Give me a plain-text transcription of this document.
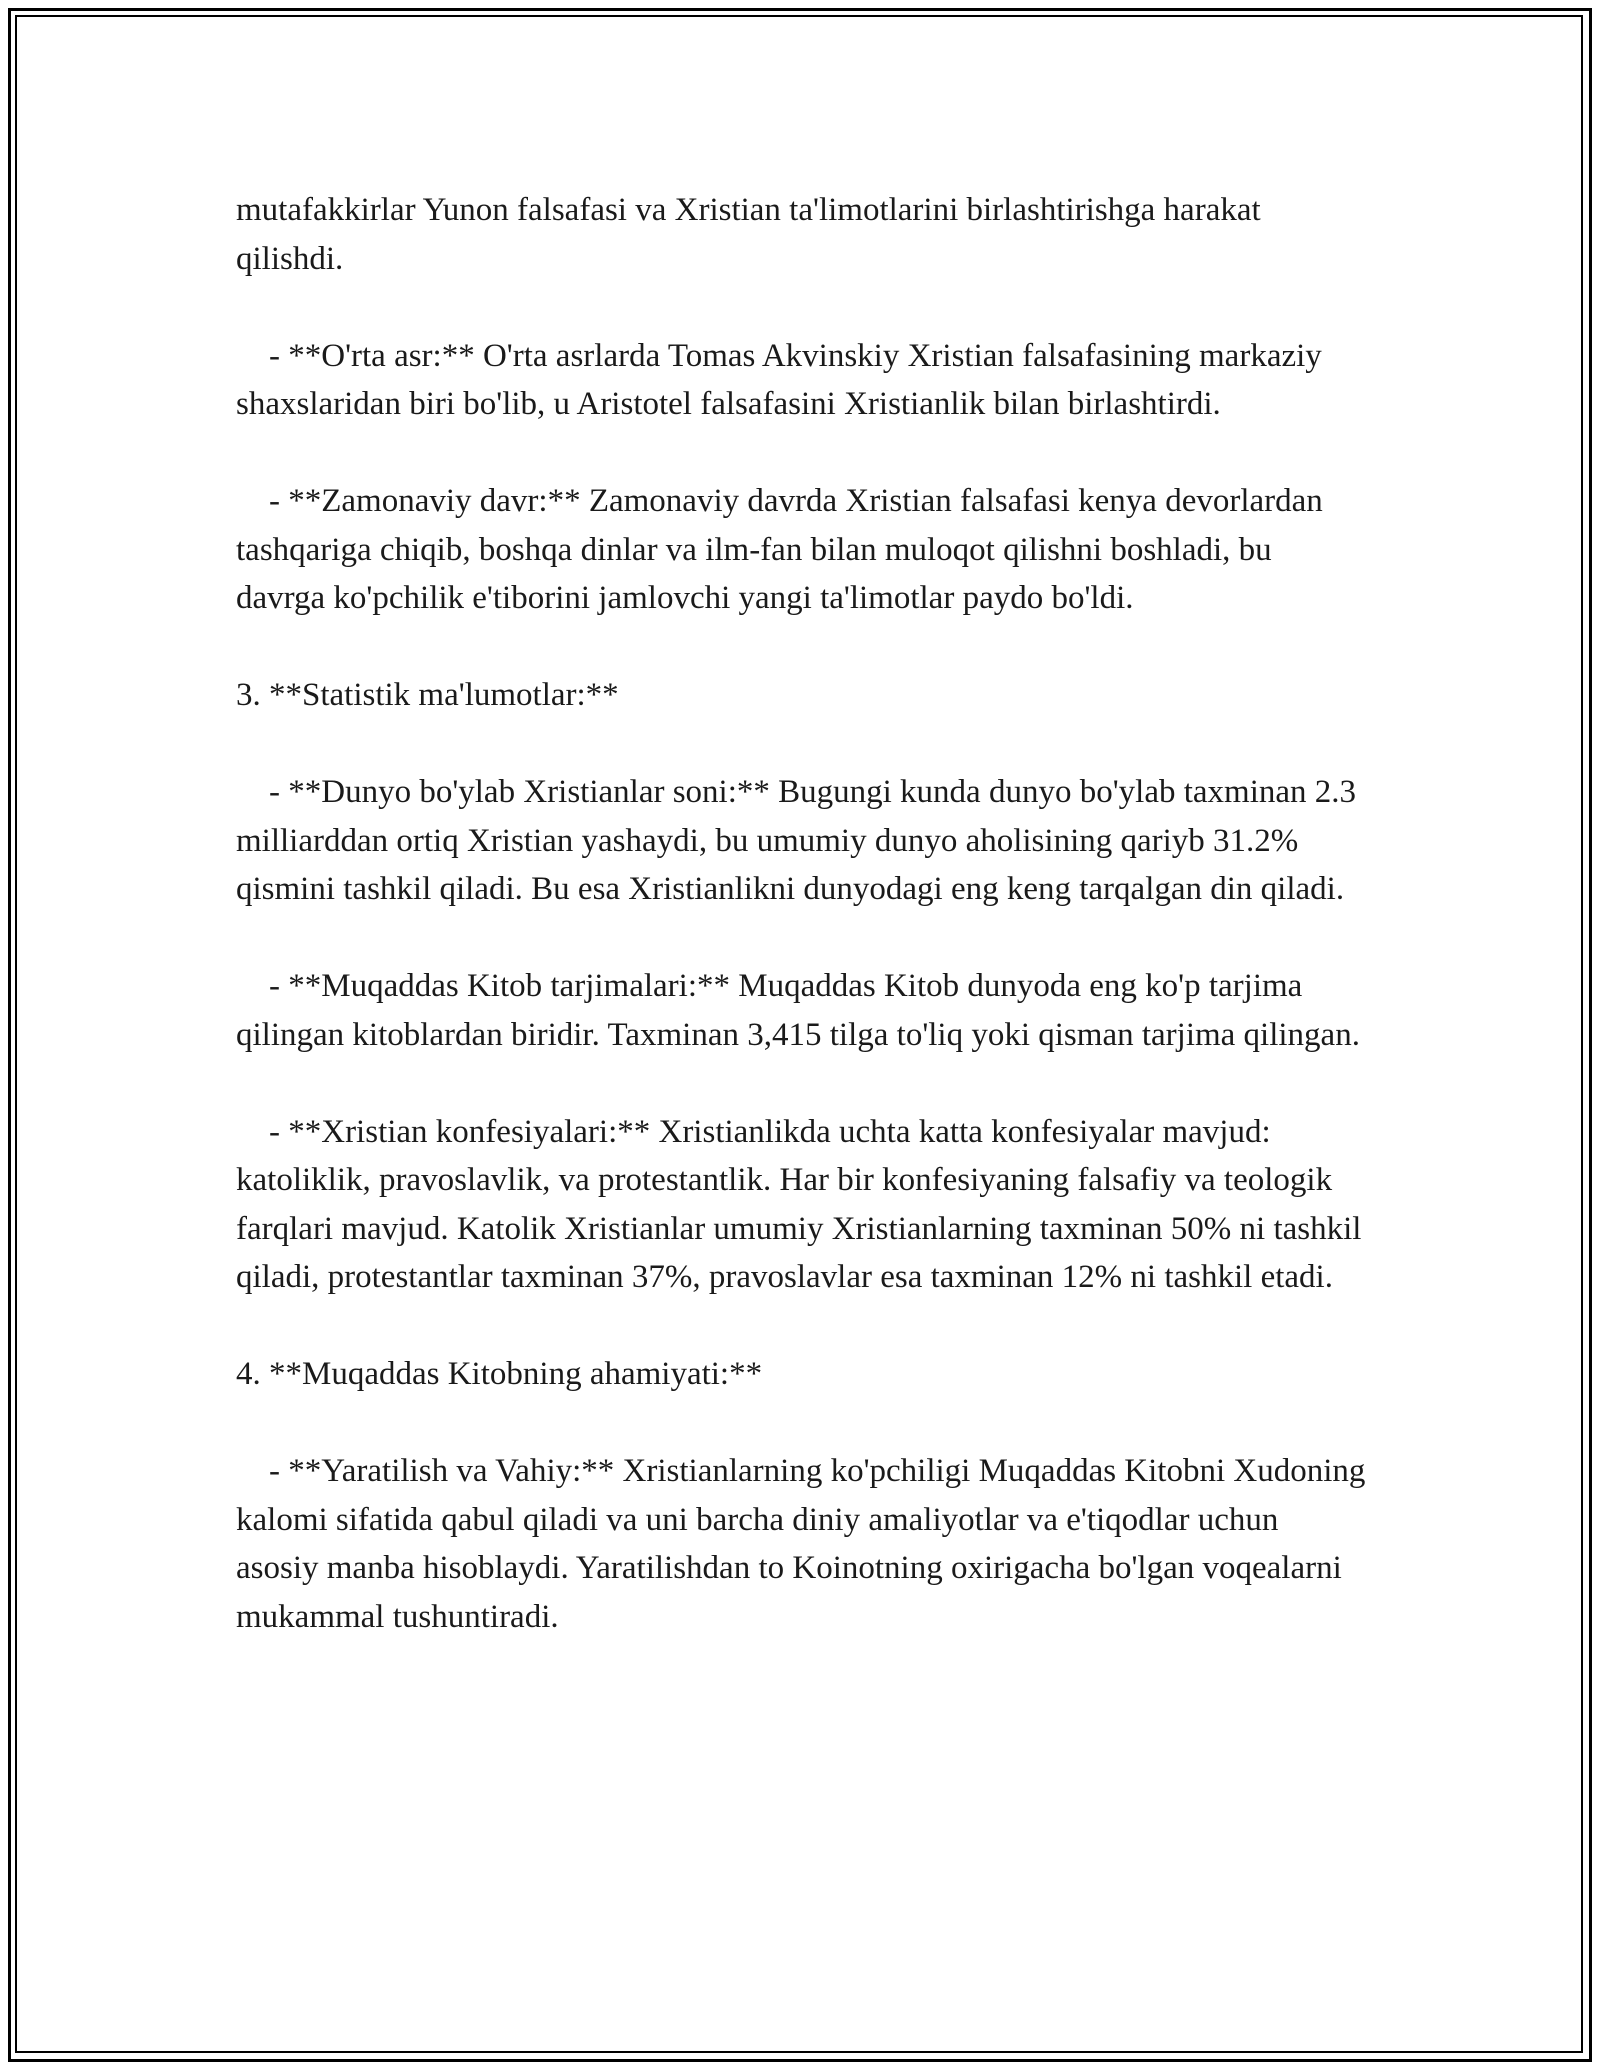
mutafakkirlar Yunon falsafasi va Xristian ta'limotlarini birlashtirishga harakat qilishdi.

- **O'rta asr:** O'rta asrlarda Tomas Akvinskiy Xristian falsafasining markaziy shaxslaridan biri bo'lib, u Aristotel falsafasini Xristianlik bilan birlashtirdi.

- **Zamonaviy davr:** Zamonaviy davrda Xristian falsafasi kenya devorlardan tashqariga chiqib, boshqa dinlar va ilm-fan bilan muloqot qilishni boshladi, bu davrga ko'pchilik e'tiborini jamlovchi yangi ta'limotlar paydo bo'ldi.

3. **Statistik ma'lumotlar:**

- **Dunyo bo'ylab Xristianlar soni:** Bugungi kunda dunyo bo'ylab taxminan 2.3 milliarddan ortiq Xristian yashaydi, bu umumiy dunyo aholisining qariyb 31.2% qismini tashkil qiladi. Bu esa Xristianlikni dunyodagi eng keng tarqalgan din qiladi.

- **Muqaddas Kitob tarjimalari:** Muqaddas Kitob dunyoda eng ko'p tarjima qilingan kitoblardan biridir. Taxminan 3,415 tilga to'liq yoki qisman tarjima qilingan.

- **Xristian konfesiyalari:** Xristianlikda uchta katta konfesiyalar mavjud: katoliklik, pravoslavlik, va protestantlik. Har bir konfesiyaning falsafiy va teologik farqlari mavjud. Katolik Xristianlar umumiy Xristianlarning taxminan 50% ni tashkil qiladi, protestantlar taxminan 37%, pravoslavlar esa taxminan 12% ni tashkil etadi.

4. **Muqaddas Kitobning ahamiyati:**

- **Yaratilish va Vahiy:** Xristianlarning ko'pchiligi Muqaddas Kitobni Xudoning kalomi sifatida qabul qiladi va uni barcha diniy amaliyotlar va e'tiqodlar uchun asosiy manba hisoblaydi. Yaratilishdan to Koinotning oxirigacha bo'lgan voqealarni mukammal tushuntiradi.
